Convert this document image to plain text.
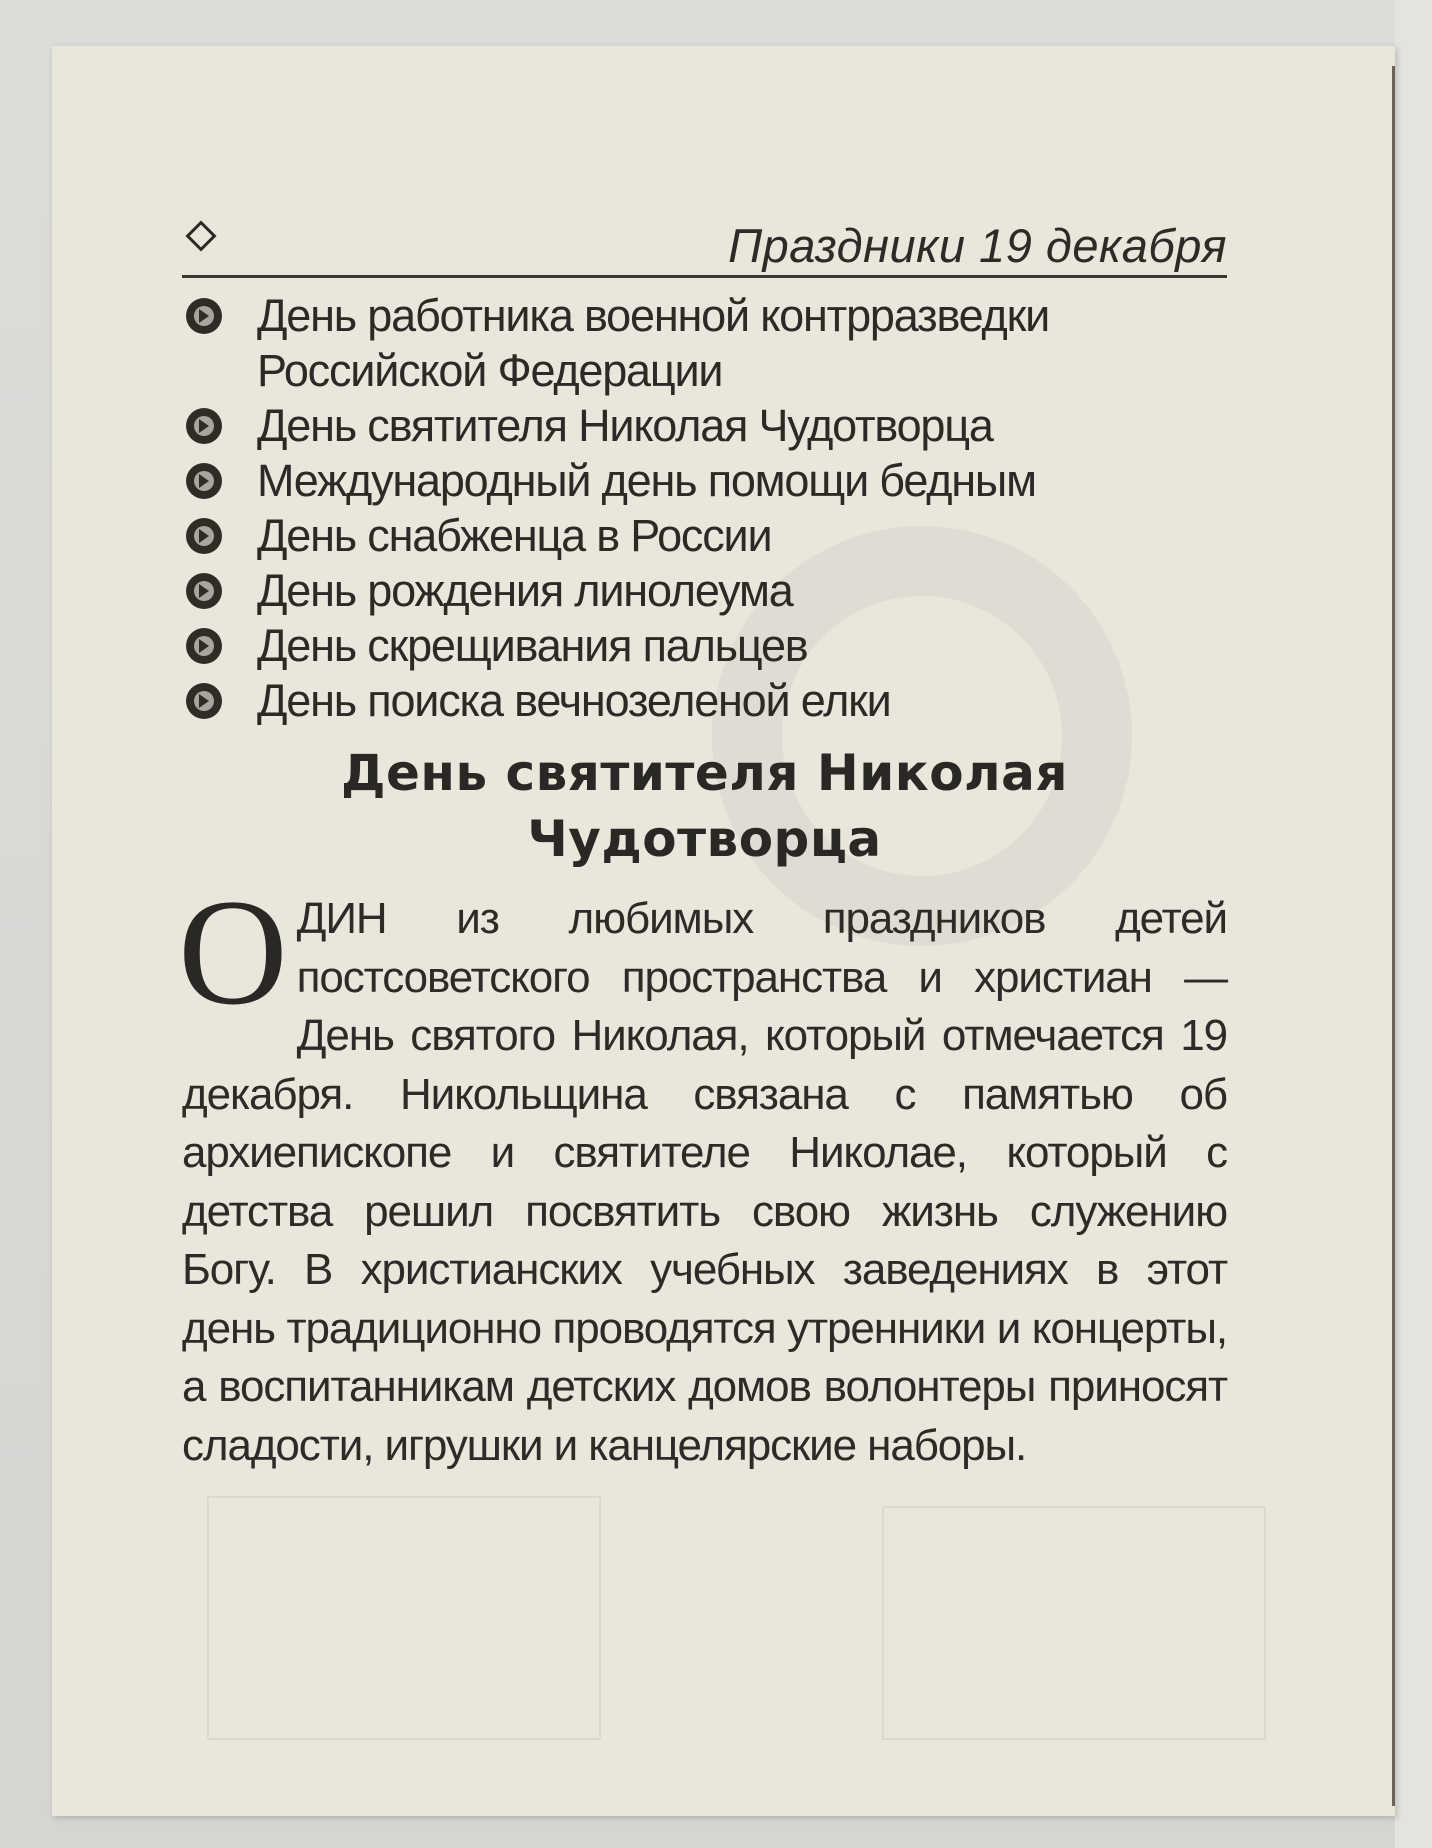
Праздники 19 декабря
День работника военной контрразведки Российской Федерации
День святителя Николая Чудотворца
Международный день помощи бедным
День снабженца в России
День рождения линолеума
День скрещивания пальцев
День поиска вечнозеленой елки
День святителя Николая Чудотворца

ОДИН из любимых праздников детей постсоветского пространства и христиан — День святого Николая, который отмечается 19 декабря. Никольщина связана с памятью об архиепископе и святителе Николае, который с детства решил посвятить свою жизнь служению Богу. В христианских учебных заведениях в этот день традиционно проводятся утренники и концерты, а воспитанникам детских домов волонтеры приносят сладости, игрушки и канцелярские наборы.
